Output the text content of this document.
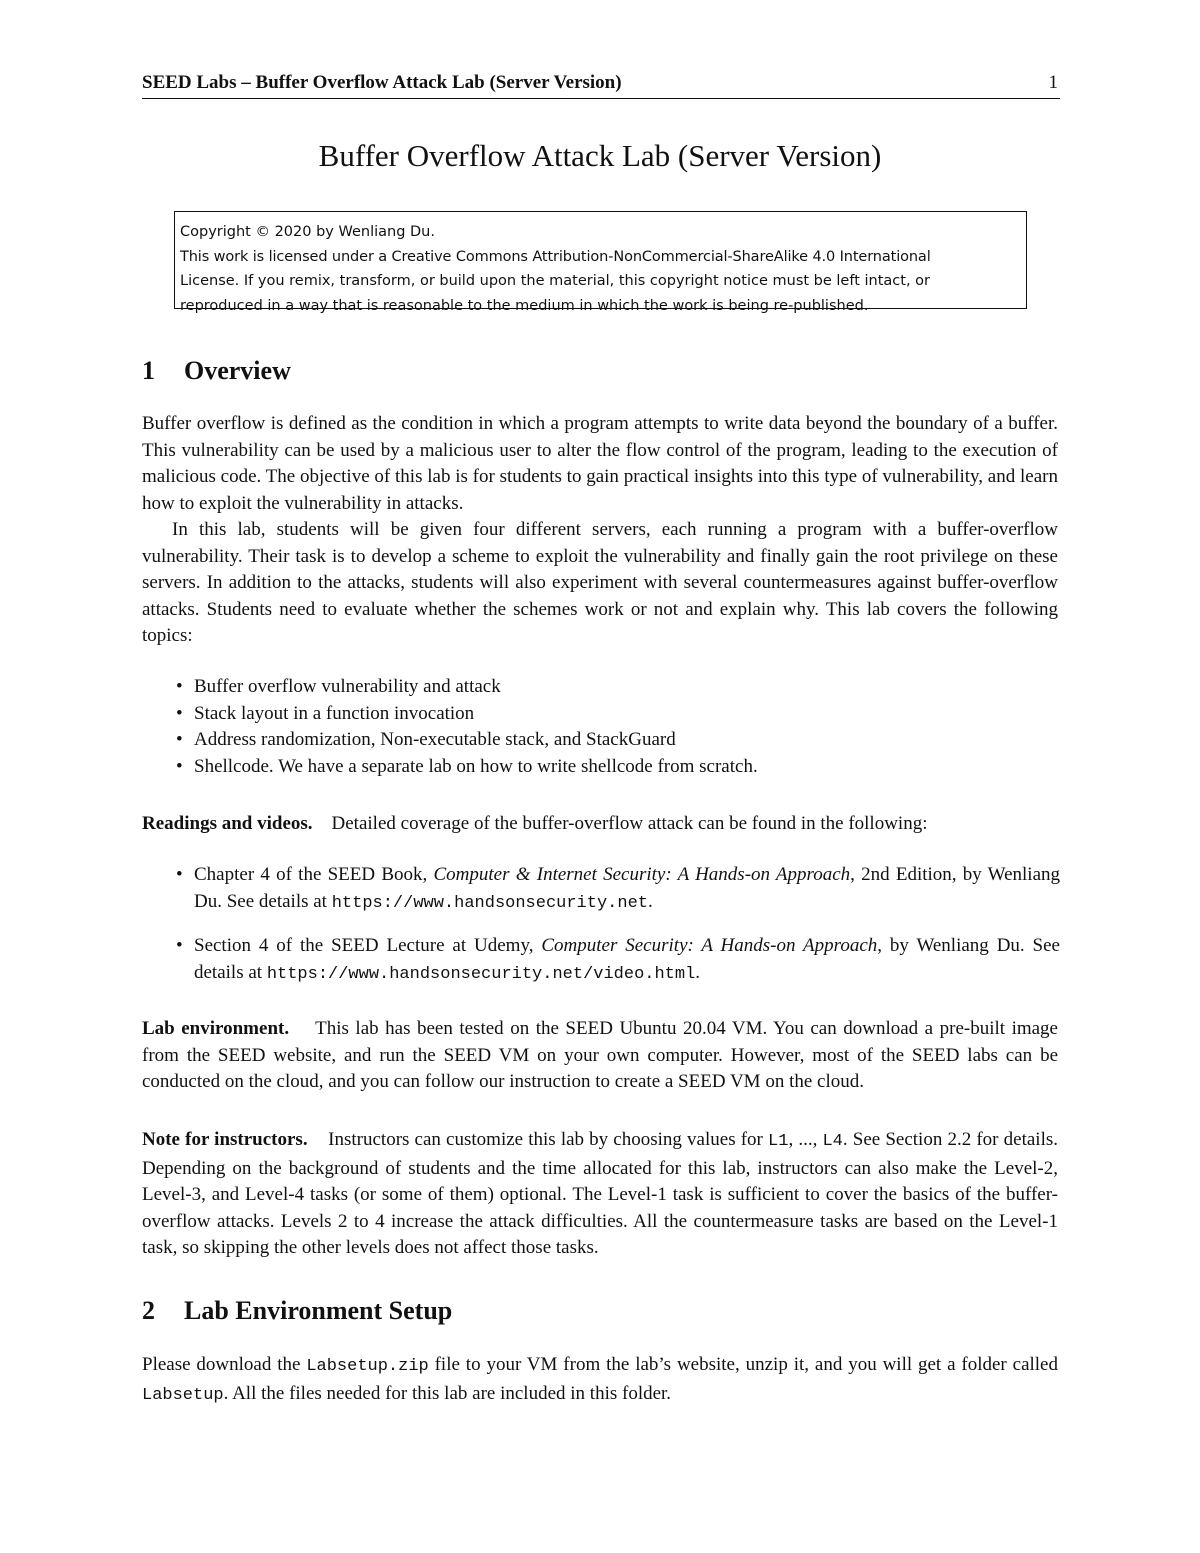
SEED Labs – Buffer Overflow Attack Lab (Server Version)	1
Buffer Overflow Attack Lab (Server Version)
Copyright © 2020 by Wenliang Du.
This work is licensed under a Creative Commons Attribution-NonCommercial-ShareAlike 4.0 International
License. If you remix, transform, or build upon the material, this copyright notice must be left intact, or
reproduced in a way that is reasonable to the medium in which the work is being re-published.
1 Overview

Buffer overflow is defined as the condition in which a program attempts to write data beyond the boundary of a buffer. This vulnerability can be used by a malicious user to alter the flow control of the program, leading to the execution of malicious code. The objective of this lab is for students to gain practical insights into this type of vulnerability, and learn how to exploit the vulnerability in attacks.

In this lab, students will be given four different servers, each running a program with a buffer-overflow vulnerability. Their task is to develop a scheme to exploit the vulnerability and finally gain the root privilege on these servers. In addition to the attacks, students will also experiment with several countermeasures against buffer-overflow attacks. Students need to evaluate whether the schemes work or not and explain why. This lab covers the following topics:

• Buffer overflow vulnerability and attack
• Stack layout in a function invocation
• Address randomization, Non-executable stack, and StackGuard
• Shellcode. We have a separate lab on how to write shellcode from scratch.

Readings and videos. Detailed coverage of the buffer-overflow attack can be found in the following:

• Chapter 4 of the SEED Book, Computer & Internet Security: A Hands-on Approach, 2nd Edition, by Wenliang Du. See details at https://www.handsonsecurity.net.
• Section 4 of the SEED Lecture at Udemy, Computer Security: A Hands-on Approach, by Wenliang Du. See details at https://www.handsonsecurity.net/video.html.

Lab environment. This lab has been tested on the SEED Ubuntu 20.04 VM. You can download a pre-built image from the SEED website, and run the SEED VM on your own computer. However, most of the SEED labs can be conducted on the cloud, and you can follow our instruction to create a SEED VM on the cloud.

Note for instructors. Instructors can customize this lab by choosing values for L1, ..., L4. See Section 2.2 for details. Depending on the background of students and the time allocated for this lab, instructors can also make the Level-2, Level-3, and Level-4 tasks (or some of them) optional. The Level-1 task is sufficient to cover the basics of the buffer-overflow attacks. Levels 2 to 4 increase the attack difficulties. All the countermeasure tasks are based on the Level-1 task, so skipping the other levels does not affect those tasks.

2 Lab Environment Setup

Please download the Labsetup.zip file to your VM from the lab’s website, unzip it, and you will get a folder called Labsetup. All the files needed for this lab are included in this folder.
